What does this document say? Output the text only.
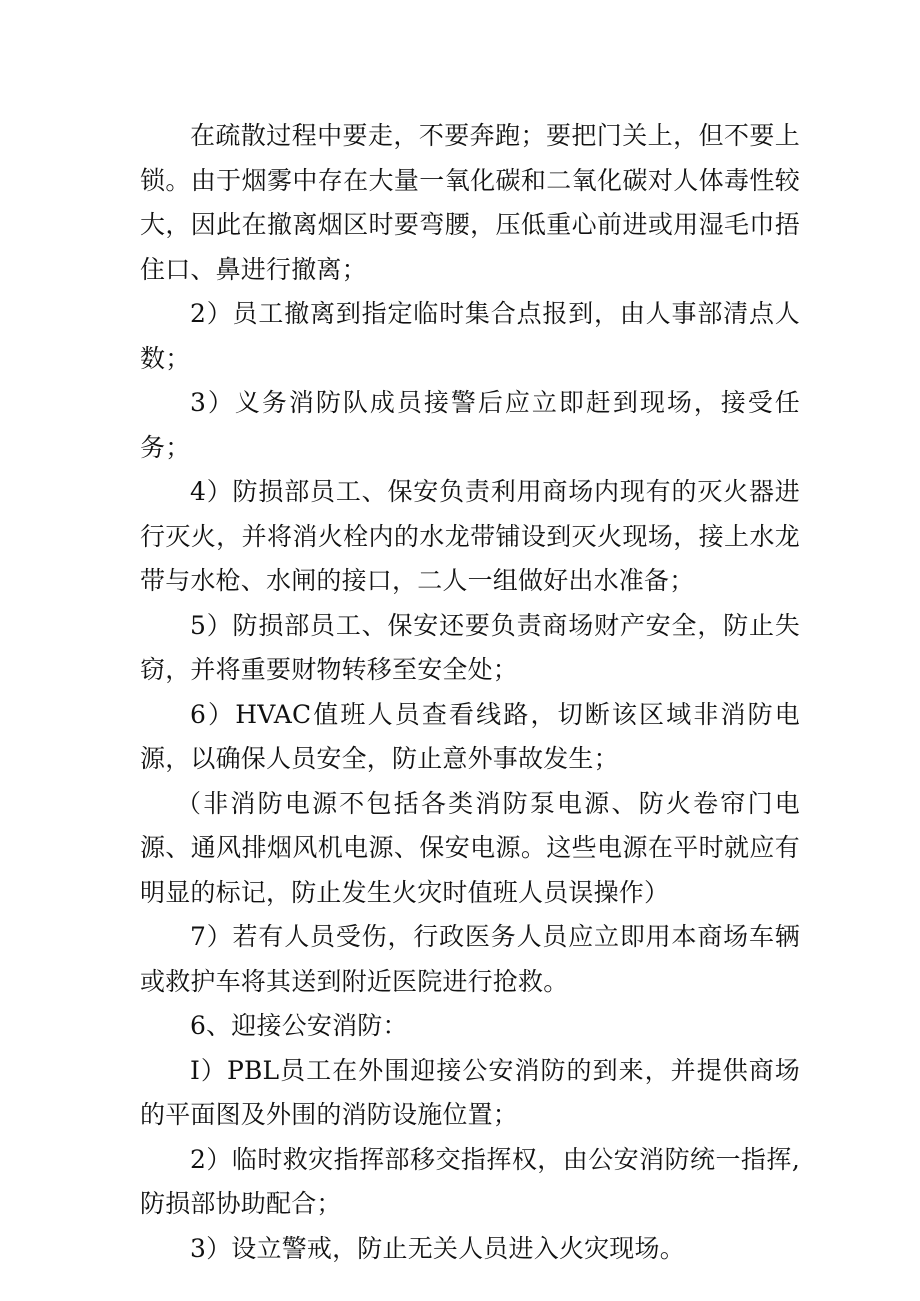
在疏散过程中要走，不要奔跑；要把门关上，但不要上锁。由于烟雾中存在大量一氧化碳和二氧化碳对人体毒性较大，因此在撤离烟区时要弯腰，压低重心前进或用湿毛巾捂住口、鼻进行撤离；

2）员工撤离到指定临时集合点报到，由人事部清点人数；

3）义务消防队成员接警后应立即赶到现场，接受任务；

4）防损部员工、保安负责利用商场内现有的灭火器进行灭火，并将消火栓内的水龙带铺设到灭火现场，接上水龙带与水枪、水闸的接口，二人一组做好出水准备；

5）防损部员工、保安还要负责商场财产安全，防止失窃，并将重要财物转移至安全处；

6）HVAC值班人员查看线路，切断该区域非消防电源，以确保人员安全，防止意外事故发生；

（非消防电源不包括各类消防泵电源、防火卷帘门电源、通风排烟风机电源、保安电源。这些电源在平时就应有明显的标记，防止发生火灾时值班人员误操作）

7）若有人员受伤，行政医务人员应立即用本商场车辆或救护车将其送到附近医院进行抢救。

6、迎接公安消防：

I）PBL员工在外围迎接公安消防的到来，并提供商场的平面图及外围的消防设施位置；

2）临时救灾指挥部移交指挥权，由公安消防统一指挥,防损部协助配合；

3）设立警戒，防止无关人员进入火灾现场。
